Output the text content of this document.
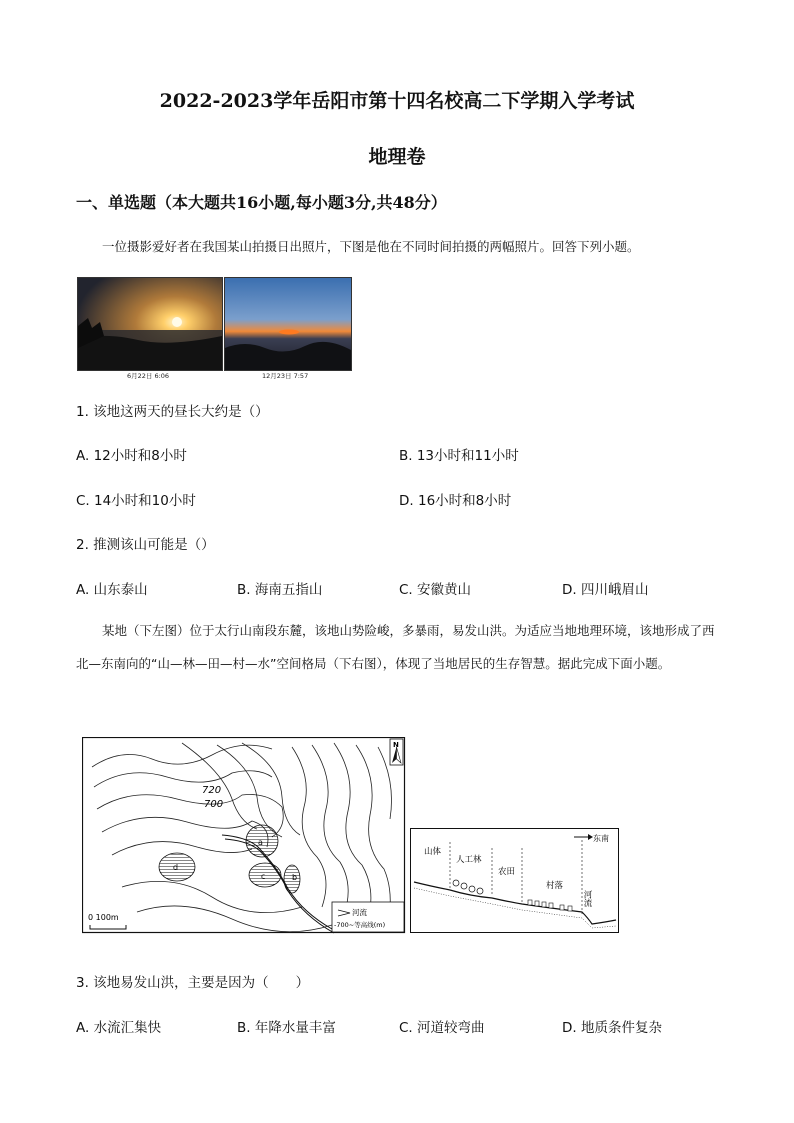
2022-2023学年岳阳市第十四名校高二下学期入学考试
地理卷
一、单选题（本大题共16小题,每小题3分,共48分）
一位摄影爱好者在我国某山拍摄日出照片，下图是他在不同时间拍摄的两幅照片。回答下列小题。
6月22日 6:06	12月23日 7:57
1. 该地这两天的昼长大约是（）
A. 12小时和8小时	B. 13小时和11小时
C. 14小时和10小时	D. 16小时和8小时
2. 推测该山可能是（）
A. 山东泰山	B. 海南五指山	C. 安徽黄山	D. 四川峨眉山
某地（下左图）位于太行山南段东麓，该地山势险峻，多暴雨，易发山洪。为适应当地地理环境，该地形成了西北—东南向的“山—林—田—村—水”空间格局（下右图），体现了当地居民的生存智慧。据此完成下面小题。
a
b
c
d
720
700
N
0 100m
河流
-700~等高线(m)
东南
山体
人工林
农田
村落
河流
3. 该地易发山洪，主要是因为（　　）
A. 水流汇集快	B. 年降水量丰富	C. 河道较弯曲	D. 地质条件复杂
